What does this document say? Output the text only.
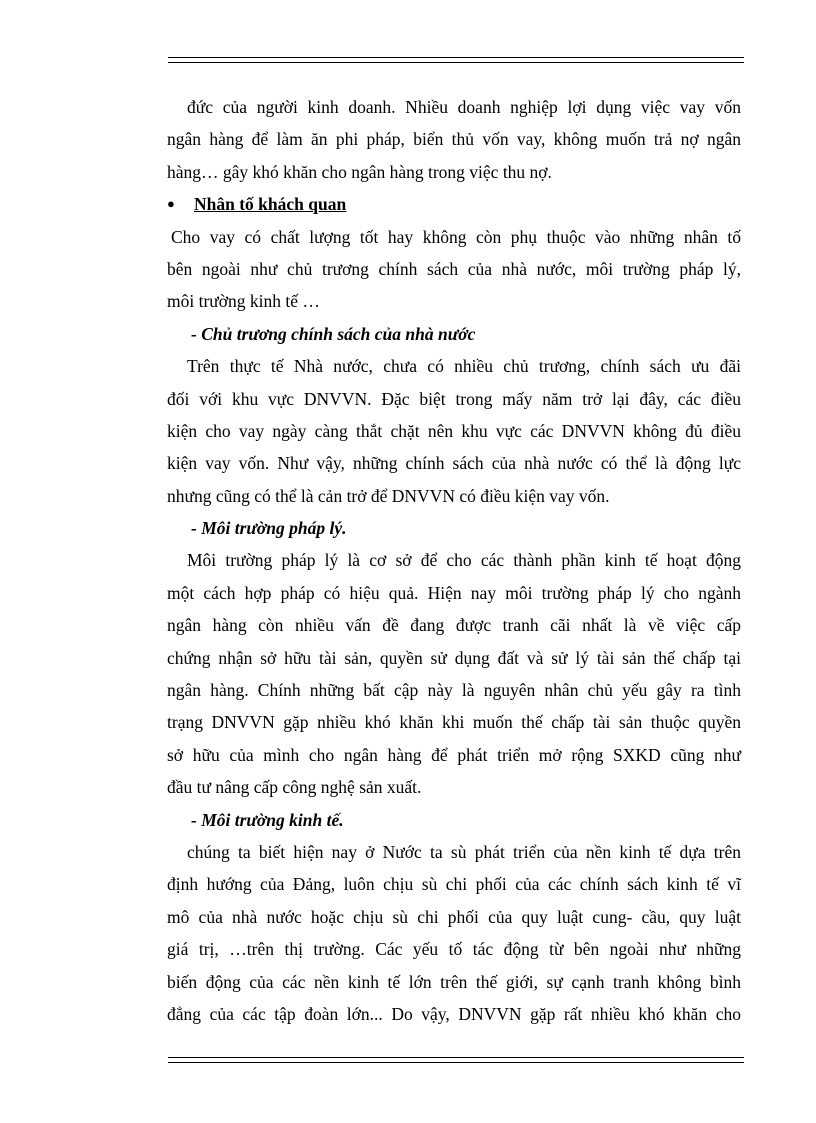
đức của người kinh doanh. Nhiều doanh nghiệp lợi dụng việc vay vốn
ngân hàng để làm ăn phi pháp, biển thủ vốn vay, không muốn trả nợ ngân
hàng… gây khó khăn cho ngân hàng trong việc thu nợ.
● Nhân tố khách quan
Cho vay có chất lượng tốt hay không còn phụ thuộc vào những nhân tố
bên ngoài như chủ trương chính sách của nhà nước, môi trường pháp lý,
môi trường kinh tế …
- Chủ trương chính sách của nhà nước
Trên thực tế Nhà nước, chưa có nhiều chủ trương, chính sách ưu đãi
đối với khu vực DNVVN. Đặc biệt trong mấy năm trở lại đây, các điều
kiện cho vay ngày càng thắt chặt nên khu vực các DNVVN không đủ điều
kiện vay vốn. Như vậy, những chính sách của nhà nước có thể là động lực
nhưng cũng có thể là cản trở để DNVVN có điều kiện vay vốn.
- Môi trường pháp lý.
Môi trường pháp lý là cơ sở để cho các thành phần kinh tế hoạt động
một cách hợp pháp có hiệu quả. Hiện nay môi trường pháp lý cho ngành
ngân hàng còn nhiều vấn đề đang được tranh cãi nhất là về việc cấp
chứng nhận sở hữu tài sản, quyền sử dụng đất và sử lý tài sản thế chấp tại
ngân hàng. Chính những bất cập này là nguyên nhân chủ yếu gây ra tình
trạng DNVVN gặp nhiều khó khăn khi muốn thế chấp tài sản thuộc quyền
sở hữu của mình cho ngân hàng để phát triển mở rộng SXKD cũng như
đầu tư nâng cấp công nghệ sản xuất.
- Môi trường kinh tế.
chúng ta biết hiện nay ở Nước ta sù phát triển của nền kinh tế dựa trên
định hướng của Đảng, luôn chịu sù chi phối của các chính sách kinh tế vĩ
mô của nhà nước hoặc chịu sù chi phối của quy luật cung- cầu, quy luật
giá trị, …trên thị trường. Các yếu tố tác động từ bên ngoài như những
biến động của các nền kinh tế lớn trên thế giới, sự cạnh tranh không bình
đẳng của các tập đoàn lớn... Do vậy, DNVVN gặp rất nhiều khó khăn cho
